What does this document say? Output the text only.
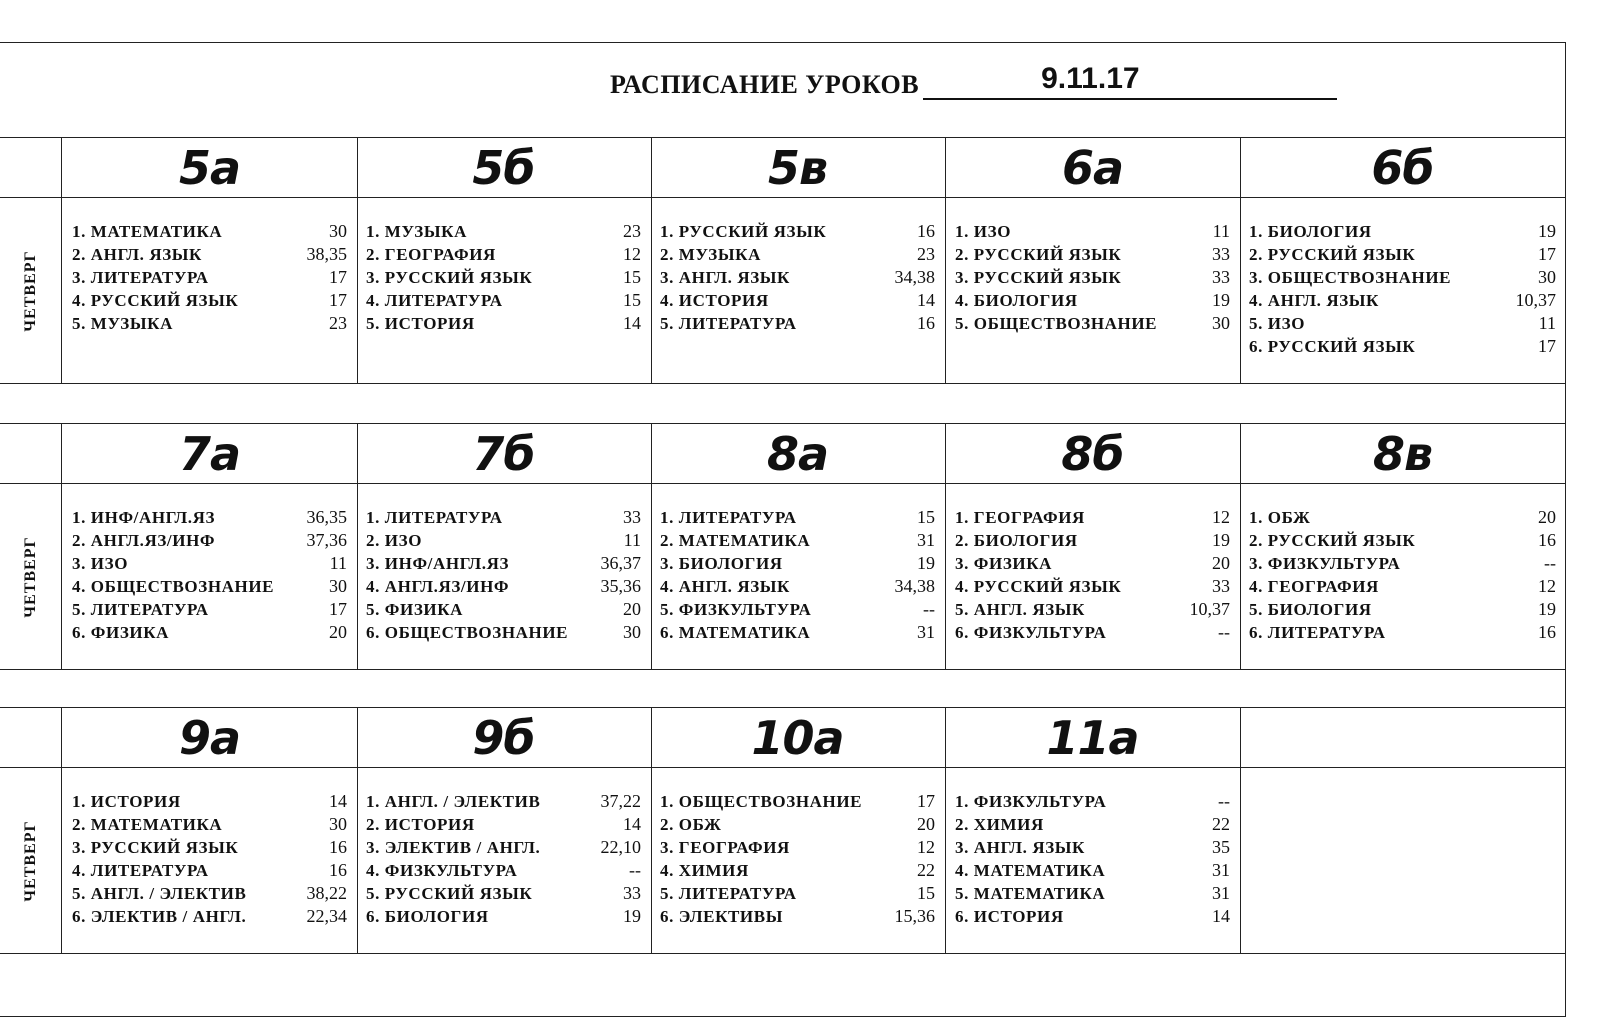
РАСПИСАНИЕ УРОКОВ	9.11.17
ЧЕТВЕРГ
5а
1. МАТЕМАТИКА	30
2. АНГЛ. ЯЗЫК	38,35
3. ЛИТЕРАТУРА	17
4. РУССКИЙ ЯЗЫК	17
5. МУЗЫКА	23
5б
1. МУЗЫКА	23
2. ГЕОГРАФИЯ	12
3. РУССКИЙ ЯЗЫК	15
4. ЛИТЕРАТУРА	15
5. ИСТОРИЯ	14
5в
1. РУССКИЙ ЯЗЫК	16
2. МУЗЫКА	23
3. АНГЛ. ЯЗЫК	34,38
4. ИСТОРИЯ	14
5. ЛИТЕРАТУРА	16
6а
1. ИЗО	11
2. РУССКИЙ ЯЗЫК	33
3. РУССКИЙ ЯЗЫК	33
4. БИОЛОГИЯ	19
5. ОБЩЕСТВОЗНАНИЕ	30
6б
1. БИОЛОГИЯ	19
2. РУССКИЙ ЯЗЫК	17
3. ОБЩЕСТВОЗНАНИЕ	30
4. АНГЛ. ЯЗЫК	10,37
5. ИЗО	11
6. РУССКИЙ ЯЗЫК	17
ЧЕТВЕРГ
7а
1. ИНФ/АНГЛ.ЯЗ	36,35
2. АНГЛ.ЯЗ/ИНФ	37,36
3. ИЗО	11
4. ОБЩЕСТВОЗНАНИЕ	30
5. ЛИТЕРАТУРА	17
6. ФИЗИКА	20
7б
1. ЛИТЕРАТУРА	33
2. ИЗО	11
3. ИНФ/АНГЛ.ЯЗ	36,37
4. АНГЛ.ЯЗ/ИНФ	35,36
5. ФИЗИКА	20
6. ОБЩЕСТВОЗНАНИЕ	30
8а
1. ЛИТЕРАТУРА	15
2. МАТЕМАТИКА	31
3. БИОЛОГИЯ	19
4. АНГЛ. ЯЗЫК	34,38
5. ФИЗКУЛЬТУРА	--
6. МАТЕМАТИКА	31
8б
1. ГЕОГРАФИЯ	12
2. БИОЛОГИЯ	19
3. ФИЗИКА	20
4. РУССКИЙ ЯЗЫК	33
5. АНГЛ. ЯЗЫК	10,37
6. ФИЗКУЛЬТУРА	--
8в
1. ОБЖ	20
2. РУССКИЙ ЯЗЫК	16
3. ФИЗКУЛЬТУРА	--
4. ГЕОГРАФИЯ	12
5. БИОЛОГИЯ	19
6. ЛИТЕРАТУРА	16
ЧЕТВЕРГ
9а
1. ИСТОРИЯ	14
2. МАТЕМАТИКА	30
3. РУССКИЙ ЯЗЫК	16
4. ЛИТЕРАТУРА	16
5. АНГЛ. / ЭЛЕКТИВ	38,22
6. ЭЛЕКТИВ / АНГЛ.	22,34
9б
1. АНГЛ. / ЭЛЕКТИВ	37,22
2. ИСТОРИЯ	14
3. ЭЛЕКТИВ / АНГЛ.	22,10
4. ФИЗКУЛЬТУРА	--
5. РУССКИЙ ЯЗЫК	33
6. БИОЛОГИЯ	19
10а
1. ОБЩЕСТВОЗНАНИЕ	17
2. ОБЖ	20
3. ГЕОГРАФИЯ	12
4. ХИМИЯ	22
5. ЛИТЕРАТУРА	15
6. ЭЛЕКТИВЫ	15,36
11а
1. ФИЗКУЛЬТУРА	--
2. ХИМИЯ	22
3. АНГЛ. ЯЗЫК	35
4. МАТЕМАТИКА	31
5. МАТЕМАТИКА	31
6. ИСТОРИЯ	14
